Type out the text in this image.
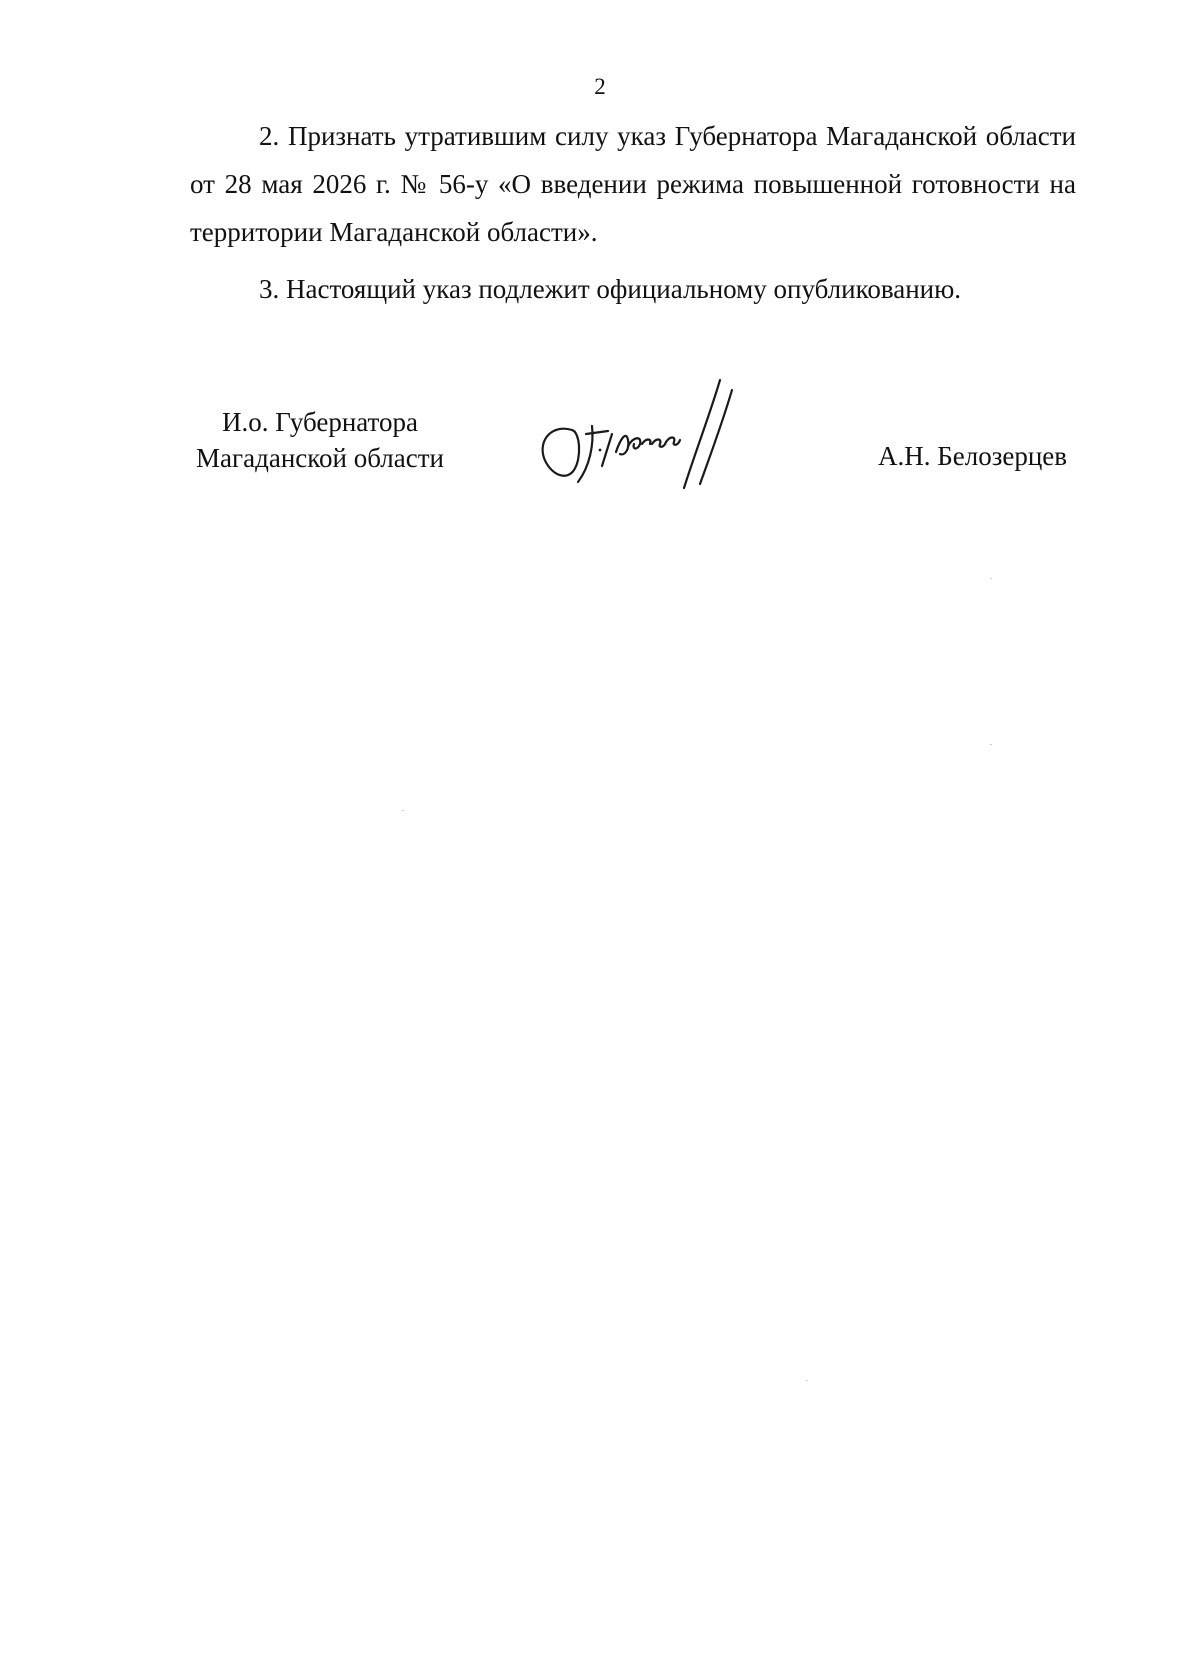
2

2. Признать утратившим силу указ Губернатора Магаданской области от 28 мая 2026 г. № 56-у «О введении режима повышенной готовности на территории Магаданской области».

3. Настоящий указ подлежит официальному опубликованию.

И.о. Губернатора
Магаданской области	А.Н. Белозерцев
